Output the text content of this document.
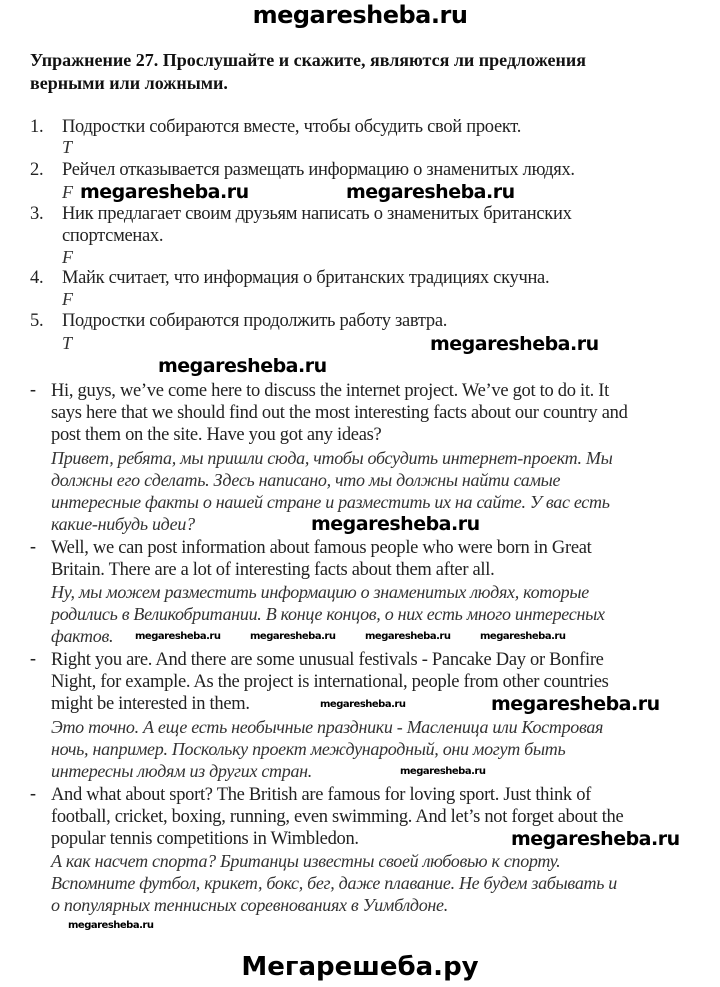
megaresheba.ru
Упражнение 27. Прослушайте и скажите, являются ли предложения
верными или ложными.
1. Подростки собираются вместе, чтобы обсудить свой проект.
T
2. Рейчел отказывается размещать информацию о знаменитых людях.
F
3. Ник предлагает своим друзьям написать о знаменитых британских
спортсменах.
F
4. Майк считает, что информация о британских традициях скучна.
F
5. Подростки собираются продолжить работу завтра.
T
- Hi, guys, we’ve come here to discuss the internet project. We’ve got to do it. It
says here that we should find out the most interesting facts about our country and
post them on the site. Have you got any ideas?
Привет, ребята, мы пришли сюда, чтобы обсудить интернет-проект. Мы
должны его сделать. Здесь написано, что мы должны найти самые
интересные факты о нашей стране и разместить их на сайте. У вас есть
какие-нибудь идеи?
- Well, we can post information about famous people who were born in Great
Britain. There are a lot of interesting facts about them after all.
Ну, мы можем разместить информацию о знаменитых людях, которые
родились в Великобритании. В конце концов, о них есть много интересных
фактов.
- Right you are. And there are some unusual festivals - Pancake Day or Bonfire
Night, for example. As the project is international, people from other countries
might be interested in them.
Это точно. А еще есть необычные праздники - Масленица или Костровая
ночь, например. Поскольку проект международный, они могут быть
интересны людям из других стран.
- And what about sport? The British are famous for loving sport. Just think of
football, cricket, boxing, running, even swimming. And let’s not forget about the
popular tennis competitions in Wimbledon.
А как насчет спорта? Британцы известны своей любовью к спорту.
Вспомните футбол, крикет, бокс, бег, даже плавание. Не будем забывать и
о популярных теннисных соревнованиях в Уимблдоне.
megaresheba.ru	megaresheba.ru
megaresheba.ru
megaresheba.ru
megaresheba.ru
megaresheba.ru
megaresheba.ru
megaresheba.ru	megaresheba.ru	megaresheba.ru	megaresheba.ru
megaresheba.ru
megaresheba.ru
megaresheba.ru
Мегарешеба.ру
